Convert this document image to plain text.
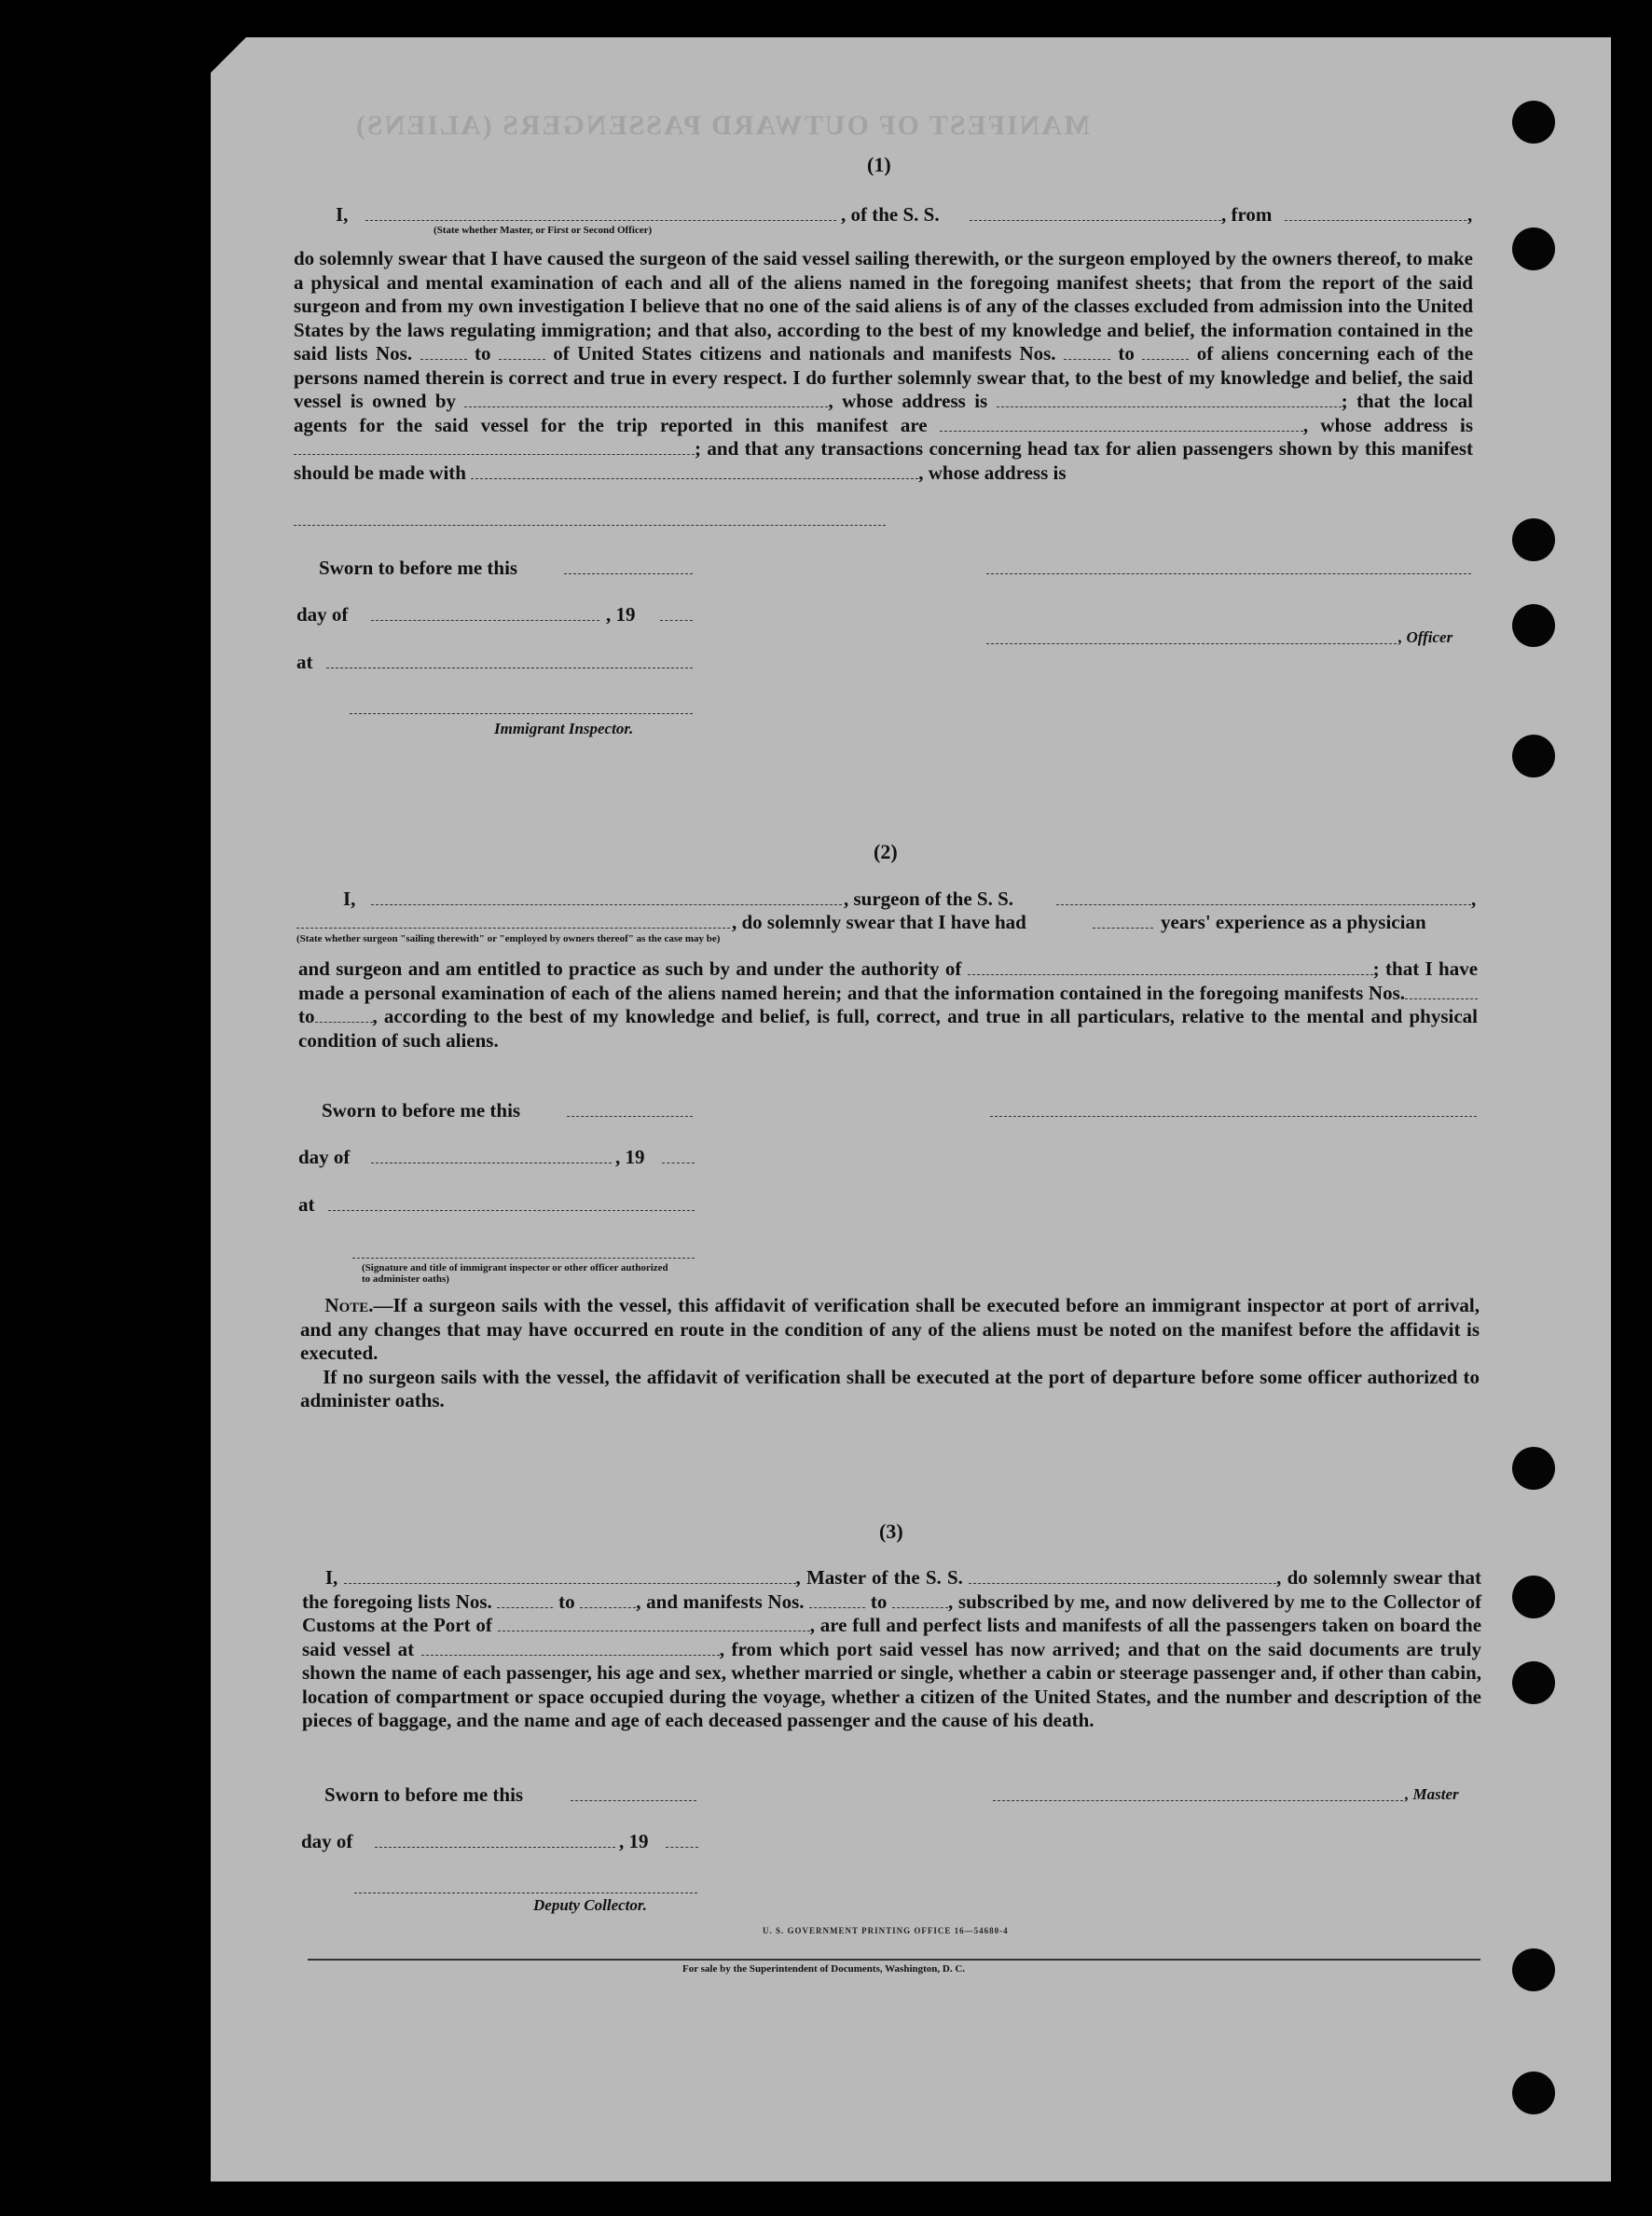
MANIFEST OF OUTWARD PASSENGERS (ALIENS)
(1)
I,
(State whether Master, or First or Second Officer)
, of the S. S.	, from	,
do solemnly swear that I have caused the surgeon of the said vessel sailing therewith, or the surgeon employed by the owners thereof, to make a physical and mental examination of each and all of the aliens named in the foregoing manifest sheets; that from the report of the said surgeon and from my own investigation I believe that no one of the said aliens is of any of the classes excluded from admission into the United States by the laws regulating immigration; and that also, according to the best of my knowledge and belief, the information contained in the said lists Nos.	to	of United States citizens and nationals and manifests Nos.	to	of aliens concerning each of the persons named therein is correct and true in every respect. I do further solemnly swear that, to the best of my knowledge and belief, the said vessel is owned by	, whose address is	; that the local agents for the said vessel for the trip reported in this manifest are	, whose address is ; and that any transactions concerning head tax for alien passengers shown by this manifest should be made with	, whose address is
Sworn to before me this
day of	, 19
, Officer
at
Immigrant Inspector.
(2)
I,	, surgeon of the S. S.	,
, do solemnly swear that I have had	years' experience as a physician
(State whether surgeon "sailing therewith" or "employed by owners thereof" as the case may be)
and surgeon and am entitled to practice as such by and under the authority of	; that I have made a personal examination of each of the aliens named herein; and that the information contained in the foregoing manifests Nos. to	, according to the best of my knowledge and belief, is full, correct, and true in all particulars, relative to the mental and physical condition of such aliens.
Sworn to before me this
day of	, 19
at
(Signature and title of immigrant inspector or other officer authorized to administer oaths)
Note.—If a surgeon sails with the vessel, this affidavit of verification shall be executed before an immigrant inspector at port of arrival, and any changes that may have occurred en route in the condition of any of the aliens must be noted on the manifest before the affidavit is executed.
If no surgeon sails with the vessel, the affidavit of verification shall be executed at the port of departure before some officer authorized to administer oaths.
(3)
I,	, Master of the S. S.	, do solemnly swear that the foregoing lists Nos.	to	, and manifests Nos.	to	, subscribed by me, and now delivered by me to the Collector of Customs at the Port of	, are full and perfect lists and manifests of all the passengers taken on board the said vessel at	, from which port said vessel has now arrived; and that on the said documents are truly shown the name of each passenger, his age and sex, whether married or single, whether a cabin or steerage passenger and, if other than cabin, location of compartment or space occupied during the voyage, whether a citizen of the United States, and the number and description of the pieces of baggage, and the name and age of each deceased passenger and the cause of his death.
Sworn to before me this	, Master
day of	, 19
Deputy Collector.
U. S. GOVERNMENT PRINTING OFFICE 16—54680-4
For sale by the Superintendent of Documents, Washington, D. C.
